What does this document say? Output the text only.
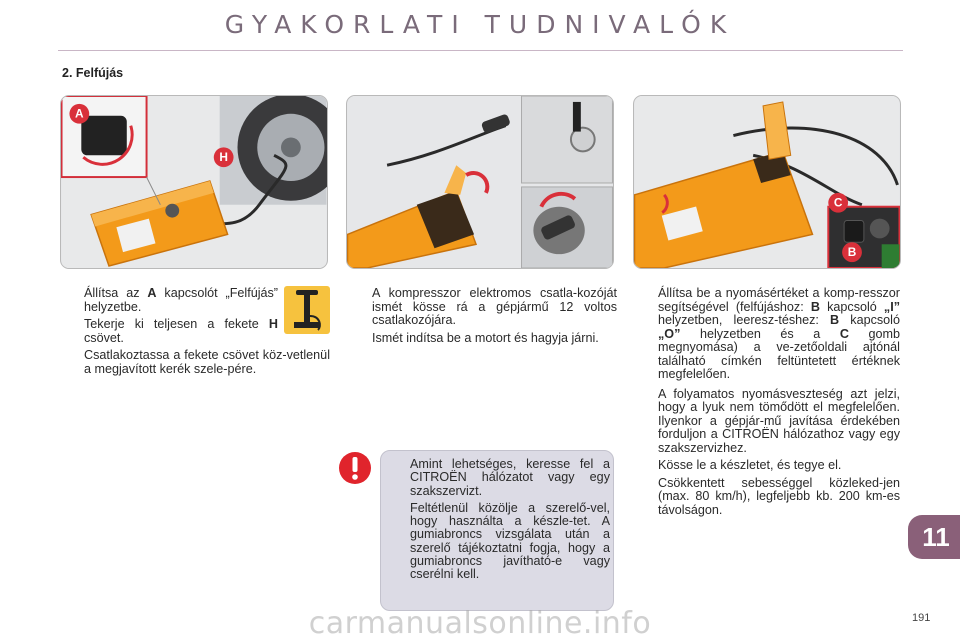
GYAKORLATI TUDNIVALÓK
2. Felfújás
A
H
C
B

Állítsa az A kapcsolót „Felfújás” helyzetbe.

Tekerje ki teljesen a fekete H csövet.

Csatlakoztassa a fekete csövet köz-vetlenül a megjavított kerék szele-pére.

A kompresszor elektromos csatla-kozóját ismét kösse rá a gépjármű 12 voltos csatlakozójára.

Ismét indítsa be a motort és hagyja járni.

Állítsa be a nyomásértéket a komp-resszor segítségével (felfújáshoz: B kapcsoló „I” helyzetben, leeresz-téshez: B kapcsoló „O” helyzetben és a C gomb megnyomása) a ve-zetőoldali ajtónál található címkén feltüntetett értéknek megfelelően.

A folyamatos nyomásveszteség azt jelzi, hogy a lyuk nem tömődött el megfelelően. Ilyenkor a gépjár-mű javítása érdekében forduljon a CITROËN hálózathoz vagy egy szakszervizhez.

Kösse le a készletet, és tegye el.

Csökkentett sebességgel közleked-jen (max. 80 km/h), legfeljebb kb. 200 km-es távolságon.

Amint lehetséges, keresse fel a CITROËN hálózatot vagy egy szakszervizt.

Feltétlenül közölje a szerelő-vel, hogy használta a készle-tet. A gumiabroncs vizsgálata után a szerelő tájékoztatni fogja, hogy a gumiabroncs javítható-e vagy cserélni kell.

11
191
carmanualsonline.info
